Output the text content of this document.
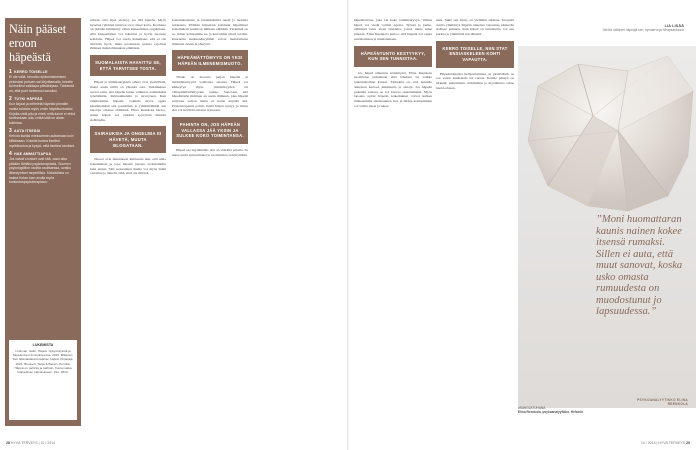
Näin pääset eroon häpeästä
1 KERRO TOISELLE
Ei ole väliä, kerrotko epäonnistumisen peloistasi puhuen vai kirjoittamalla, toiselle tai itsellesi vaikkapa päiväkirjaan. Tärkeintä on, että puet tuntemusi sanoiksi.
2 TUTKI HÄPEÄÄ
Kun kirjaat ja eritteletä häpeäsi pinnalle, matka tuloista myös omiin häpeätuntuisiisi. Kirjoita vielä pitu ja mieti, mitä tunne ei ehkä tarvitsekaan olla, mitkä siitä on aivan tulkintaa.
3 AUTA ITSEÄSI
Kehota itseäsi mieluummin auttamaan kuin kiittämaan. Kokeile tuntea itsellesi myötätuntoa ja kysyä, mitä itsellesi tarvitset.
4 HAE AMMATTIAPUA
Jos vaivat kroniset ovat sitä, vaan aika pitkään tähtäisi psykoterapiasta. Suomen psykologiliiton osoitta osoittaessa, ovatko lähestymiset tarpeellisia. Mahdollista on hakea Kelan tuen avulla myös kuntoutuspsykoterapiaan.
LUKEMISTA
Lindman, Saku: Häpeä. Nykyesityksiä ja häpeäminen ihmisuhteessa, 2015. Mäkinen, Tari: Elämäräksiromaanien häpeä. Kirjapaja, 2021. Brockert, Tanja & Banan, Pernilla: Häpeä on pahinta ja parhain. Kiertomatka kaipauksen palvelukseen. Into, 2019.

tellaan, että lapsi yleistyy jos tätä keksisi. Myös kyseiset ryhmien tuntevat ovat olleet koria. Koulussa on pitkään kiinnitetty oman kiusaamisen ongelmaan, sillä kiusaaminen voi rakentua jo hyvin nuorena kohdalle. Häpeä voi saada kokemaan, että ei ole riittävän hyvä, mikä puolestaan saattaa rajoittaa ihmisen mahdollisuuksia elämässä.

SUOMALAISTA HAVAITTU SE, ETTÄ TARVITSEE TOSTA.

Häpeä ja hämmennyksen aiheet ovat yksilöllisiä, mutta usein niillä on yhteisiä osia. Tutkimukset tuovat esiin, että häpeän tunne vaikuttaa esimerkiksi työelämään, ihmissuhteisiin ja terveyteen. Kun tunnistamme häpeän, voimme myös oppia käsittelemään sitä paremmin ja ymmärtämään sen taustoja omassa elämässä. Elina Reenkola kertoo, miten häpeä voi pitkään syövyttää ihmistä sisältäpäin.

SAIRAUKSIA JA ONGELMIA EI HÄVETÄ, MUUTA BLOGATAAN.

Nuoret ovat muuttaneet kulttuuria niin, että omia kokemuksia ja jopa häpeää jaetaan avoimemmin kuin ennen. Silti sosiaalinen media voi myös lisätä vertailua ja tunteita siitä, ettei ole riittävä.

kokemuksistaan ja tuntemuksista usein ja monista tuloksista. Elämän kriiseissä kohdatut häpeälliset kokemukset kuuluvat ihmisen elämään. Tärkeintä on se, miten kohtaamme ne ja kerromme niistä toisille. Internetin keskusteluryhmät voivat mahdollistaa ihmisten avuun ja yhteyttä.

HÄPEÄMÄTTÖMYYS ON YKSI HÄPEÄN ILMENEMISMUOTO.

Tilalle on tuotettu paljon häpeää ja tietämättömyyttä vanhoista asioista. Häpeä voi kätkeytyä myös ylimielisyyden tai välinpitämättömyyden taakse. Sanotaan, että häpeämätön ihminen on usein ihminen, joka häpeää erityisen paljon mutta ei halua näyttää sitä. Psykoterapeutti pohtii, mistä häpeä syntyy ja miten sitä voi lievittää omassa arjessaan.

PAHINTA ON, JOS HÄPEÄN VALLASSA JÄÄ YKSIN JA SULKEE KOKO TOIMINTANSA.

Häpeä saa näyttämään, että on väärällä polulla. Se tekee usein epävarmaksi ja saa ihmisen vetäytymään.

28 HYVÄ TERVEYS | 10 / 2014

häpeähalvaus, joka vie koko toimintakyvyn. Vaikea häpeä voi viedä voimat arjesta. Työssä ja perhe-elämässä tulee eteen tilanteita, joissa tunne tulee pintaan. Elina Reenkola kertoo, että häpeää voi oppia sanoittamaan ja tunnistamaan.

HÄPEÄNTUNTO KESTYYKYY, KUN SEN TUNNISTAA.

Jos häpeä aiheuttaa kärsimystä, Elina Reenkola suosittelee puhumaan siitä läheisen tai vaikka tuntemattoman kanssa. Tärkeintä on, että tunnelle annetaan kertoen julkisuutta ja sanoja. Jos häpeän pidetään salassa, se voi kasvaa suuremmaksi. Myös lapsena opitut häpeän kokemukset voivat kulkea mukanamme aikuisuuteen asti, ja niiden kohtaaminen voi vaatia aikaa ja tukea.

tettu. Sikiä sen hyöty on ylemmin alkaisia. Terapian avulla ymmärrys häpeän tunteista vapauttaa pääsevän sisäisen paineen. Kun häpeä on tunnistettu, voi sen purkaa ja ymmärtää sen lähteitä.

KERRO TOISELLE, NIIN STAT ENSIASKELEEN KOHTI VAPAUTTA.

Häpeäntunteista hellpottuminen on yksilöllistä, se voi vaatia kuukausia tai vuosia. Kolme pääsyä on tärkeää: puhuminen, tutkiminen ja myötätunto omaa itseä kohtaan.

LIA LISÄÄ
Selvitä miltäreni häpeäjä sen: hyvaterveys.fi/hapeantunne
”Moni huomattaran kaunis nainen kokee itsensä rumaksi. Sillen ei auta, että muut sanovat, koska usko omasta rumuudesta on muodostunut jo lapsuudessa.”
PSYKOANALYYTIKKO ELINA REENKOLA
#SANOJATUHANA
Elina Reenkola, psykoanalyytikko, Helsinki
10 / 2014 | HYVÄ TERVEYS 29
